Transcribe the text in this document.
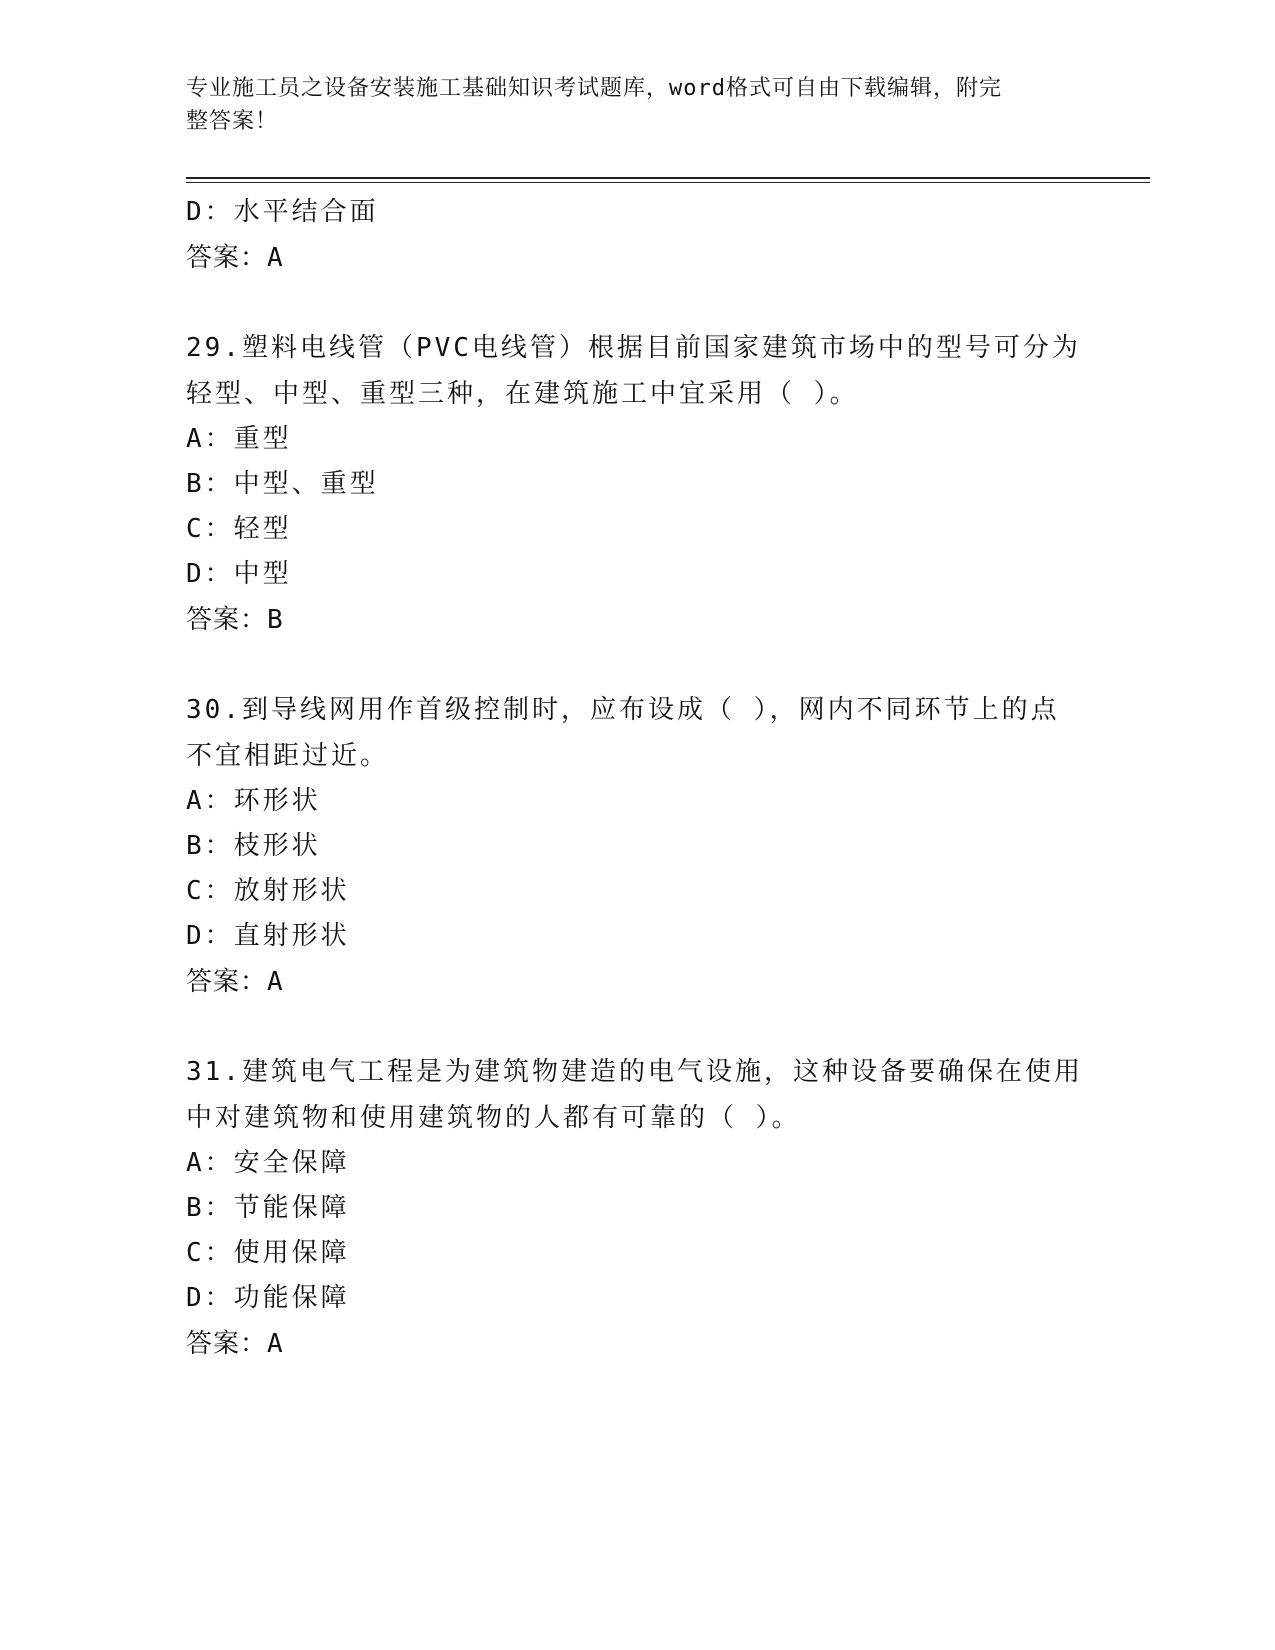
专业施工员之设备安装施工基础知识考试题库，word格式可自由下载编辑，附完
整答案！
D：水平结合面
答案：A
29.塑料电线管（PVC电线管）根据目前国家建筑市场中的型号可分为
轻型、中型、重型三种，在建筑施工中宜采用（ ）。
A：重型
B：中型、重型
C：轻型
D：中型
答案：B
30.到导线网用作首级控制时，应布设成（ ），网内不同环节上的点
不宜相距过近。
A：环形状
B：枝形状
C：放射形状
D：直射形状
答案：A
31.建筑电气工程是为建筑物建造的电气设施，这种设备要确保在使用
中对建筑物和使用建筑物的人都有可靠的（ ）。
A：安全保障
B：节能保障
C：使用保障
D：功能保障
答案：A
